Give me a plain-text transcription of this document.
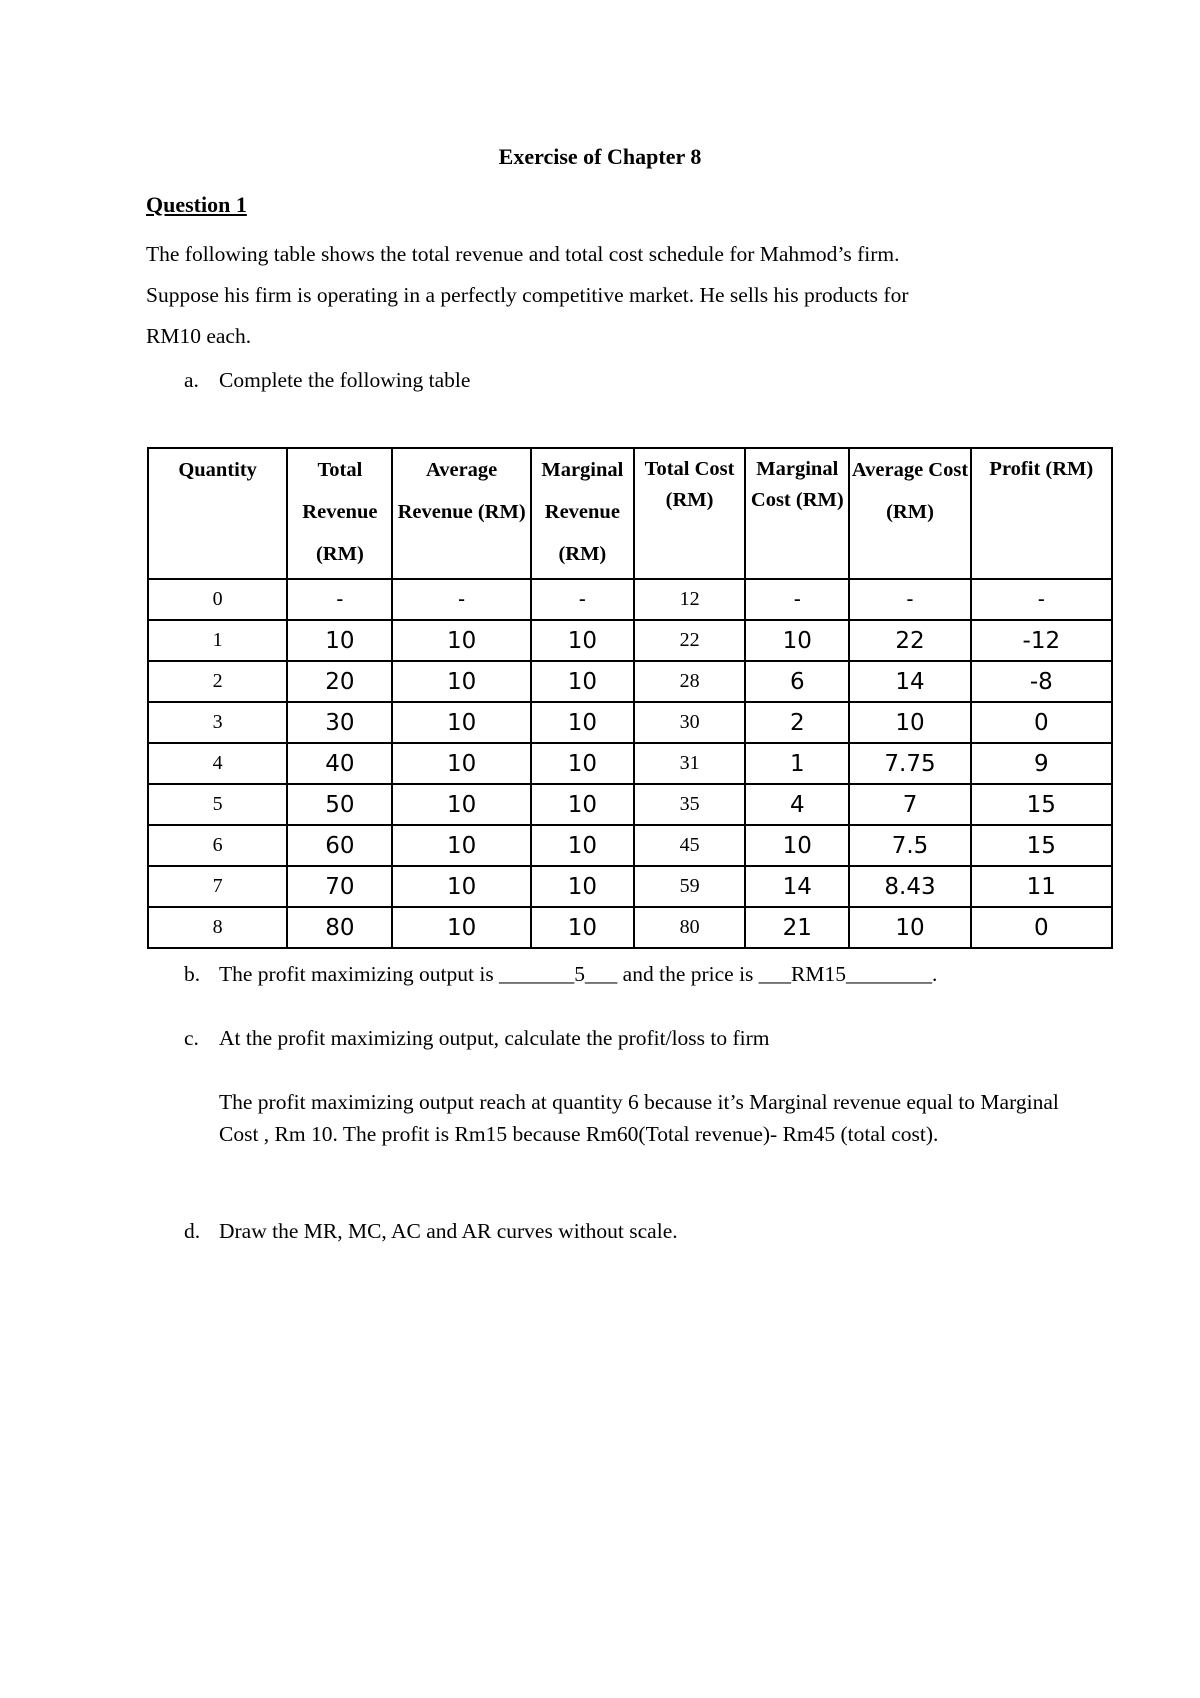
Exercise of Chapter 8
Question 1

The following table shows the total revenue and total cost schedule for Mahmod’s firm.

Suppose his firm is operating in a perfectly competitive market. He sells his products for

RM10 each.

a. Complete the following table
Quantity	Total Revenue (RM)	Average Revenue (RM)	Marginal Revenue (RM)	Total Cost (RM)	Marginal Cost (RM)	Average Cost (RM)	Profit (RM)
0	-	-	-	12	-	-	-
1	10	10	10	22	10	22	-12
2	20	10	10	28	6	14	-8
3	30	10	10	30	2	10	0
4	40	10	10	31	1	7.75	9
5	50	10	10	35	4	7	15
6	60	10	10	45	10	7.5	15
7	70	10	10	59	14	8.43	11
8	80	10	10	80	21	10	0
b. The profit maximizing output is _______5___ and the price is ___RM15________.
c. At the profit maximizing output, calculate the profit/loss to firm
The profit maximizing output reach at quantity 6 because it’s Marginal revenue equal to Marginal Cost , Rm 10. The profit is Rm15 because Rm60(Total revenue)- Rm45 (total cost).
d. Draw the MR, MC, AC and AR curves without scale.
